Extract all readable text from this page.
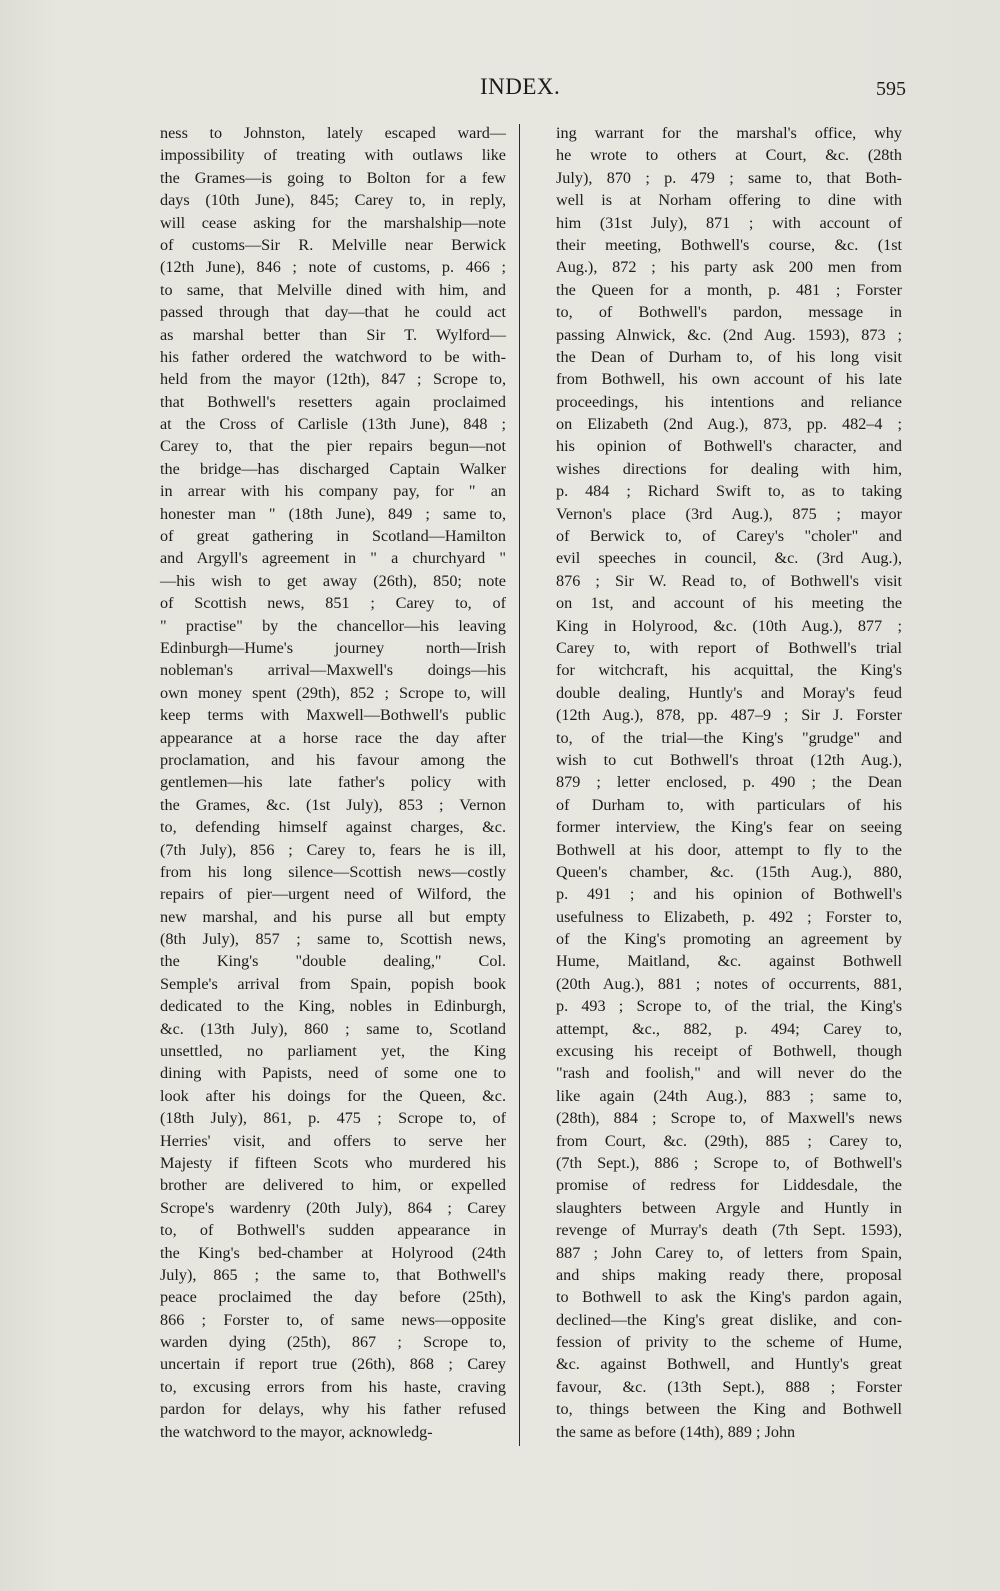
INDEX.	595
ness to Johnston, lately escaped ward—
impossibility of treating with outlaws like
the Grames—is going to Bolton for a few
days (10th June), 845; Carey to, in reply,
will cease asking for the marshalship—note
of customs—Sir R. Melville near Berwick
(12th June), 846 ; note of customs, p. 466 ;
to same, that Melville dined with him, and
passed through that day—that he could act
as marshal better than Sir T. Wylford—
his father ordered the watchword to be with-
held from the mayor (12th), 847 ; Scrope to,
that Bothwell's resetters again proclaimed
at the Cross of Carlisle (13th June), 848 ;
Carey to, that the pier repairs begun—not
the bridge—has discharged Captain Walker
in arrear with his company pay, for " an
honester man " (18th June), 849 ; same to,
of great gathering in Scotland—Hamilton
and Argyll's agreement in " a churchyard "
—his wish to get away (26th), 850; note
of Scottish news, 851 ; Carey to, of
" practise" by the chancellor—his leaving
Edinburgh—Hume's journey north—Irish
nobleman's arrival—Maxwell's doings—his
own money spent (29th), 852 ; Scrope to, will
keep terms with Maxwell—Bothwell's public
appearance at a horse race the day after
proclamation, and his favour among the
gentlemen—his late father's policy with
the Grames, &c. (1st July), 853 ; Vernon
to, defending himself against charges, &c.
(7th July), 856 ; Carey to, fears he is ill,
from his long silence—Scottish news—costly
repairs of pier—urgent need of Wilford, the
new marshal, and his purse all but empty
(8th July), 857 ; same to, Scottish news,
the King's "double dealing," Col.
Semple's arrival from Spain, popish book
dedicated to the King, nobles in Edinburgh,
&c. (13th July), 860 ; same to, Scotland
unsettled, no parliament yet, the King
dining with Papists, need of some one to
look after his doings for the Queen, &c.
(18th July), 861, p. 475 ; Scrope to, of
Herries' visit, and offers to serve her
Majesty if fifteen Scots who murdered his
brother are delivered to him, or expelled
Scrope's wardenry (20th July), 864 ; Carey
to, of Bothwell's sudden appearance in
the King's bed-chamber at Holyrood (24th
July), 865 ; the same to, that Bothwell's
peace proclaimed the day before (25th),
866 ; Forster to, of same news—opposite
warden dying (25th), 867 ; Scrope to,
uncertain if report true (26th), 868 ; Carey
to, excusing errors from his haste, craving
pardon for delays, why his father refused
the watchword to the mayor, acknowledg-
ing warrant for the marshal's office, why
he wrote to others at Court, &c. (28th
July), 870 ; p. 479 ; same to, that Both-
well is at Norham offering to dine with
him (31st July), 871 ; with account of
their meeting, Bothwell's course, &c. (1st
Aug.), 872 ; his party ask 200 men from
the Queen for a month, p. 481 ; Forster
to, of Bothwell's pardon, message in
passing Alnwick, &c. (2nd Aug. 1593), 873 ;
the Dean of Durham to, of his long visit
from Bothwell, his own account of his late
proceedings, his intentions and reliance
on Elizabeth (2nd Aug.), 873, pp. 482–4 ;
his opinion of Bothwell's character, and
wishes directions for dealing with him,
p. 484 ; Richard Swift to, as to taking
Vernon's place (3rd Aug.), 875 ; mayor
of Berwick to, of Carey's "choler" and
evil speeches in council, &c. (3rd Aug.),
876 ; Sir W. Read to, of Bothwell's visit
on 1st, and account of his meeting the
King in Holyrood, &c. (10th Aug.), 877 ;
Carey to, with report of Bothwell's trial
for witchcraft, his acquittal, the King's
double dealing, Huntly's and Moray's feud
(12th Aug.), 878, pp. 487–9 ; Sir J. Forster
to, of the trial—the King's "grudge" and
wish to cut Bothwell's throat (12th Aug.),
879 ; letter enclosed, p. 490 ; the Dean
of Durham to, with particulars of his
former interview, the King's fear on seeing
Bothwell at his door, attempt to fly to the
Queen's chamber, &c. (15th Aug.), 880,
p. 491 ; and his opinion of Bothwell's
usefulness to Elizabeth, p. 492 ; Forster to,
of the King's promoting an agreement by
Hume, Maitland, &c. against Bothwell
(20th Aug.), 881 ; notes of occurrents, 881,
p. 493 ; Scrope to, of the trial, the King's
attempt, &c., 882, p. 494; Carey to,
excusing his receipt of Bothwell, though
"rash and foolish," and will never do the
like again (24th Aug.), 883 ; same to,
(28th), 884 ; Scrope to, of Maxwell's news
from Court, &c. (29th), 885 ; Carey to,
(7th Sept.), 886 ; Scrope to, of Bothwell's
promise of redress for Liddesdale, the
slaughters between Argyle and Huntly in
revenge of Murray's death (7th Sept. 1593),
887 ; John Carey to, of letters from Spain,
and ships making ready there, proposal
to Bothwell to ask the King's pardon again,
declined—the King's great dislike, and con-
fession of privity to the scheme of Hume,
&c. against Bothwell, and Huntly's great
favour, &c. (13th Sept.), 888 ; Forster
to, things between the King and Bothwell
the same as before (14th), 889 ; John
